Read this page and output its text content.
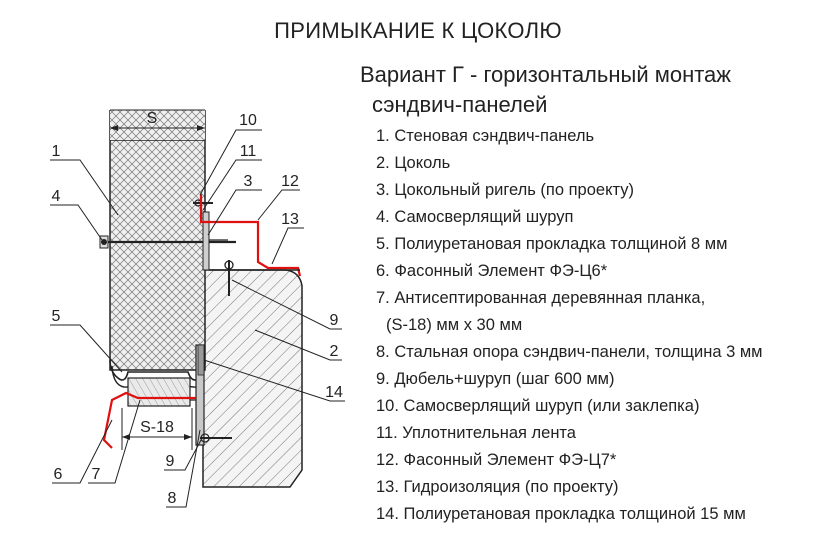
ПРИМЫКАНИЕ К ЦОКОЛЮ
Вариант Г - горизонтальный монтаж
сэндвич-панелей
1. Стеновая сэндвич-панель
2. Цоколь
3. Цокольный ригель (по проекту)
4. Самосверлящий шуруп
5. Полиуретановая прокладка толщиной 8 мм
6. Фасонный Элемент ФЭ-Ц6*
7. Антисептированная деревянная планка,
(S-18) мм х 30 мм
8. Стальная опора сэндвич-панели, толщина 3 мм
9. Дюбель+шуруп (шаг 600 мм)
10. Самосверлящий шуруп (или заклепка)
11. Уплотнительная лента
12. Фасонный Элемент ФЭ-Ц7*
13. Гидроизоляция (по проекту)
14. Полиуретановая прокладка толщиной 15 мм
S
S-18
1
4
5
6 7
9
8
10
11
3 12
13
9
2
14
